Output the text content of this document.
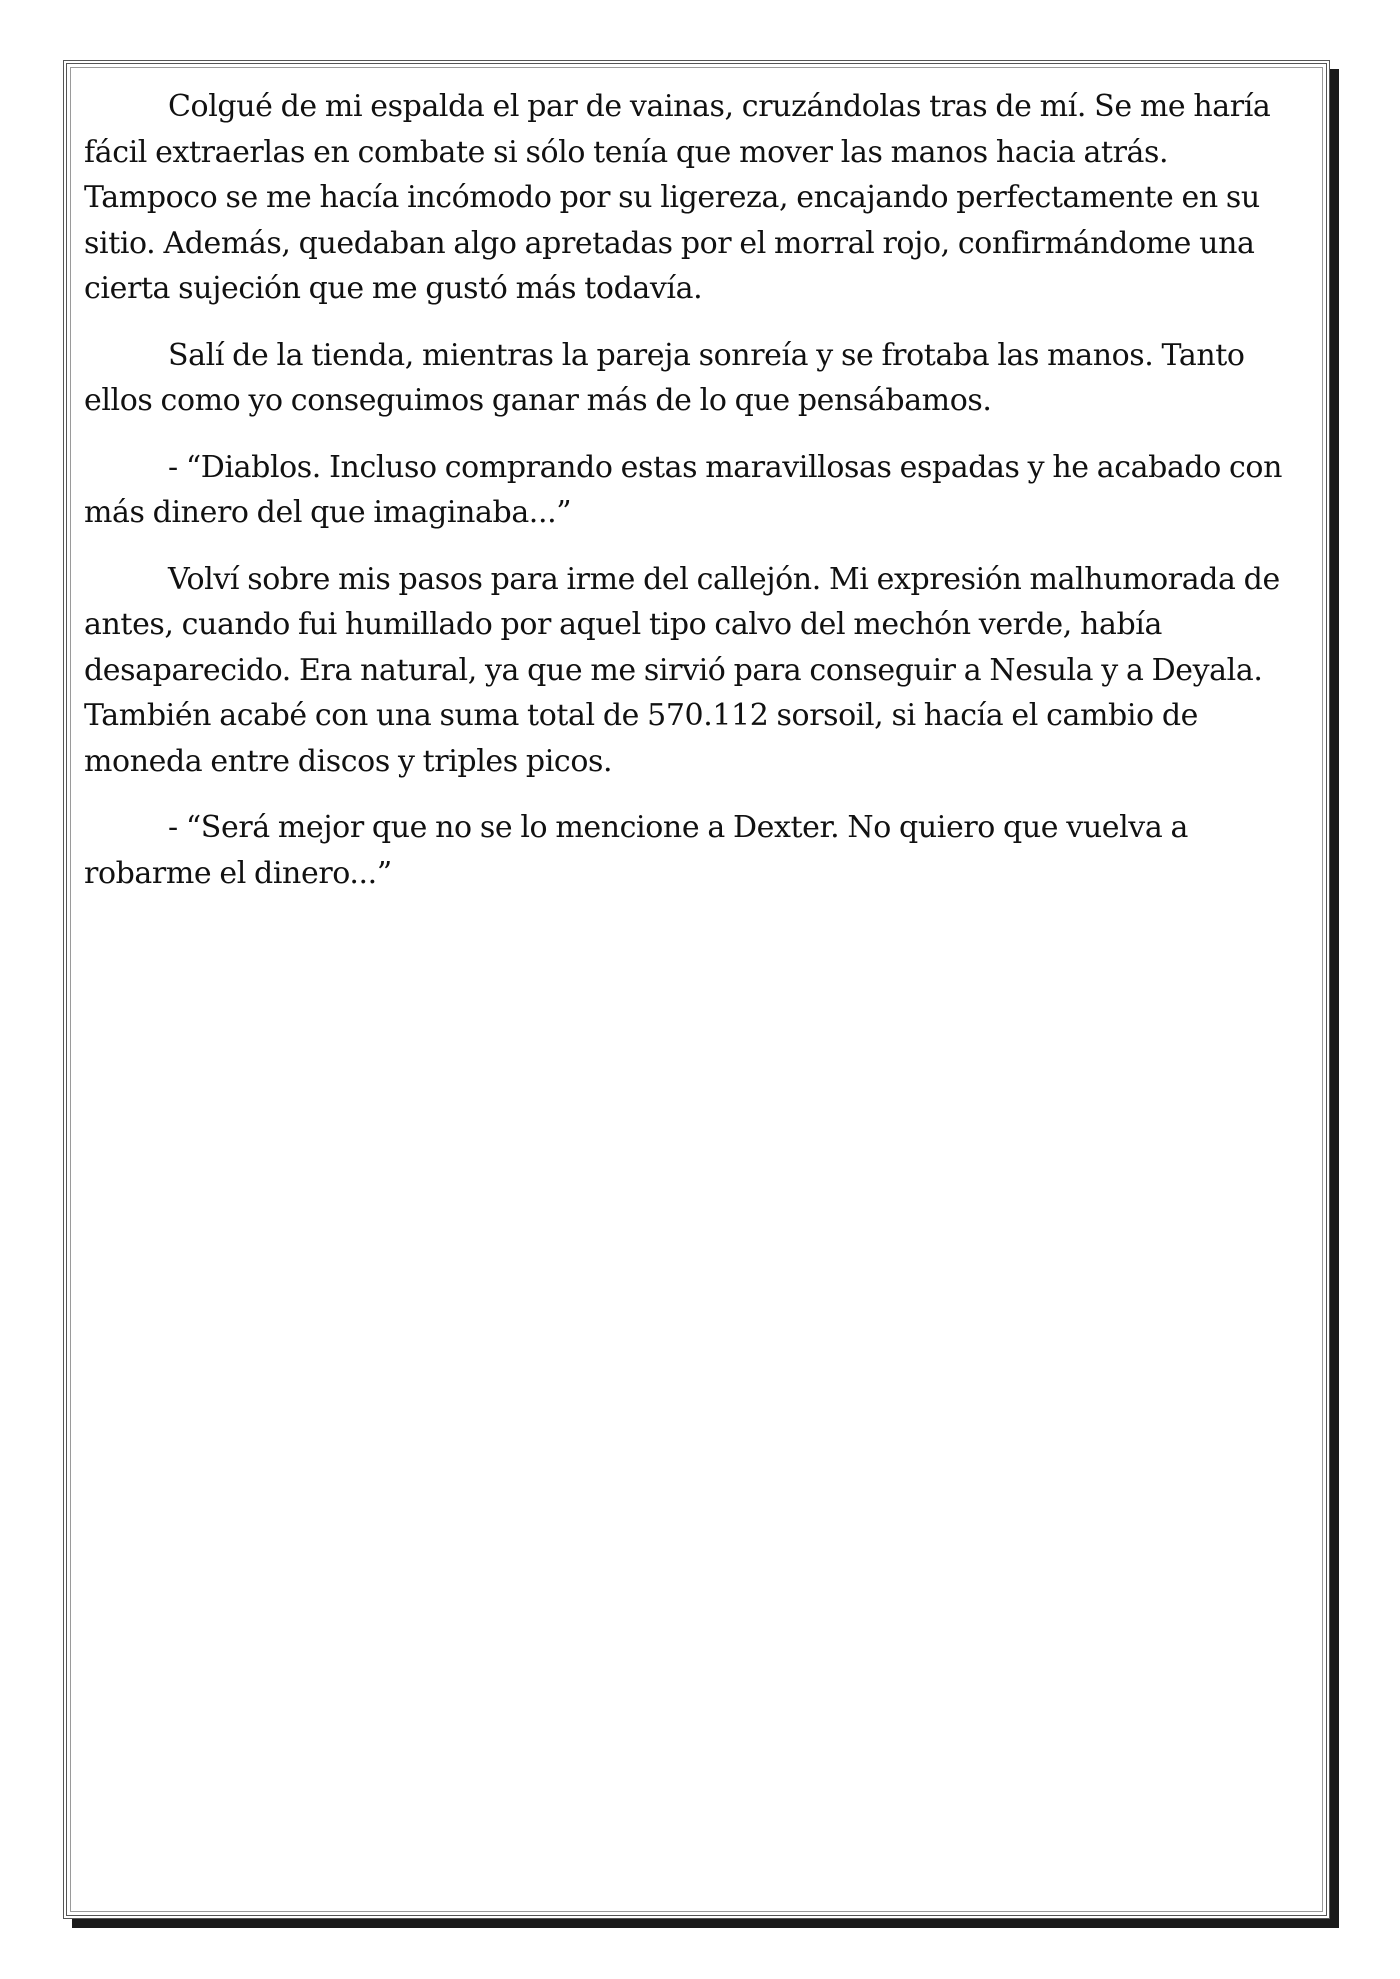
Colgué de mi espalda el par de vainas, cruzándolas tras de mí. Se me haría
fácil extraerlas en combate si sólo tenía que mover las manos hacia atrás.
Tampoco se me hacía incómodo por su ligereza, encajando perfectamente en su
sitio. Además, quedaban algo apretadas por el morral rojo, confirmándome una
cierta sujeción que me gustó más todavía.

Salí de la tienda, mientras la pareja sonreía y se frotaba las manos. Tanto
ellos como yo conseguimos ganar más de lo que pensábamos.

- “Diablos. Incluso comprando estas maravillosas espadas y he acabado con
más dinero del que imaginaba...”

Volví sobre mis pasos para irme del callejón. Mi expresión malhumorada de
antes, cuando fui humillado por aquel tipo calvo del mechón verde, había
desaparecido. Era natural, ya que me sirvió para conseguir a Nesula y a Deyala.
También acabé con una suma total de 570.112 sorsoil, si hacía el cambio de
moneda entre discos y triples picos.

- “Será mejor que no se lo mencione a Dexter. No quiero que vuelva a
robarme el dinero...”
